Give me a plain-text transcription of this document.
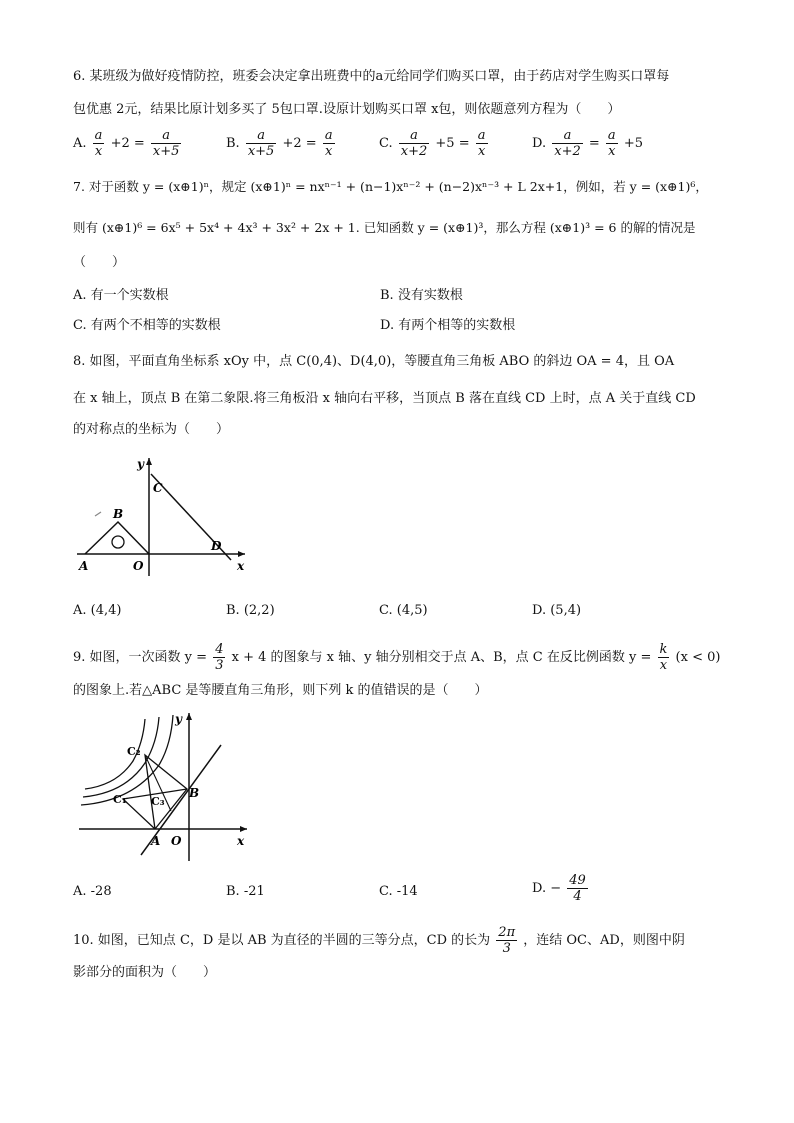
6. 某班级为做好疫情防控，班委会决定拿出班费中的a元给同学们购买口罩，由于药店对学生购买口罩每
包优惠 2元，结果比原计划多买了 5包口罩.设原计划购买口罩 x包，则依题意列方程为（　　）
A. $\frac{a}{x} +2 = \frac{a}{x+5}$	B. $\frac{a}{x+5} +2 = \frac{a}{x}$	C. $\frac{a}{x+2} +5 = \frac{a}{x}$	D. $\frac{a}{x+2} = \frac{a}{x} +5$
7. 对于函数 y = (x⊕1)ⁿ，规定 (x⊕1)ⁿ = nxⁿ⁻¹ + (n−1)xⁿ⁻² + (n−2)xⁿ⁻³ + L 2x+1，例如，若 y = (x⊕1)⁶，
则有 (x⊕1)⁶ = 6x⁵ + 5x⁴ + 4x³ + 3x² + 2x + 1. 已知函数 y = (x⊕1)³，那么方程 (x⊕1)³ = 6 的解的情况是
（　　）
A. 有一个实数根	B. 没有实数根
C. 有两个不相等的实数根	D. 有两个相等的实数根
8. 如图，平面直角坐标系 xOy 中，点 C(0,4)、D(4,0)，等腰直角三角板 ABO 的斜边 OA = 4，且 OA
在 x 轴上，顶点 B 在第二象限.将三角板沿 x 轴向右平移，当顶点 B 落在直线 CD 上时，点 A 关于直线 CD
的对称点的坐标为（　　）
y
x
C
B
D
A	O
A. (4,4)	B. (2,2)	C. (4,5)	D. (5,4)
9. 如图，一次函数 $y = \frac{4}{3}$ x + 4 的图象与 x 轴、y 轴分别相交于点 A、B，点 C 在反比例函数 $y = \frac{k}{x} (x < 0)$
的图象上.若△ABC 是等腰直角三角形，则下列 k 的值错误的是（　　）
C₂
C₁ C₃
B
A O
y
x
A. -28	B. -21	C. -14	D. − $\frac{49}{4}$
10. 如图，已知点 C，D 是以 AB 为直径的半圆的三等分点，CD 的长为 $\frac{2\pi}{3}$ ，连结 OC、AD，则图中阴
影部分的面积为（　　）
